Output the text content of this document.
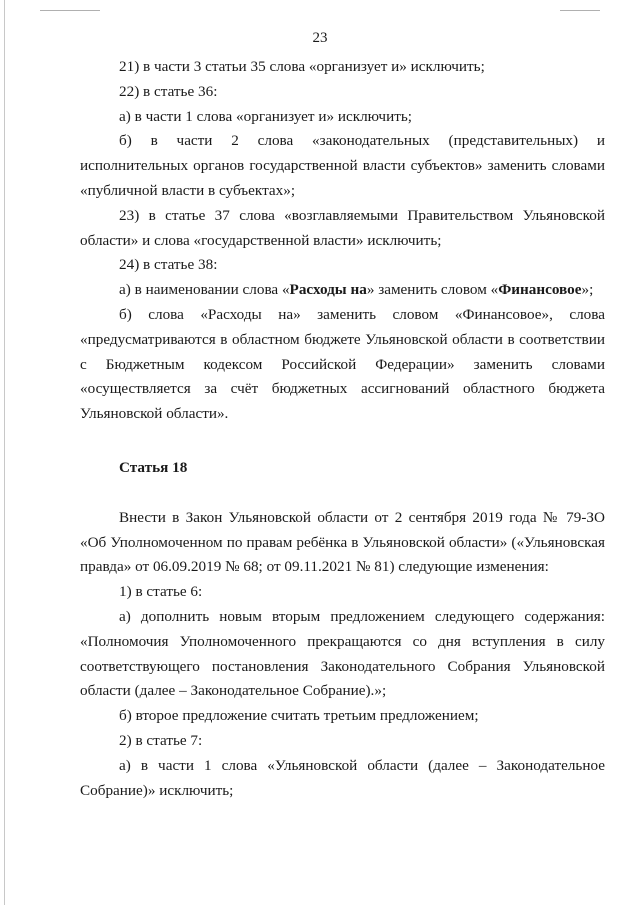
23

21) в части 3 статьи 35 слова «организует и» исключить;

22) в статье 36:

а) в части 1 слова «организует и» исключить;

б) в части 2 слова «законодательных (представительных) и исполнительных органов государственной власти субъектов» заменить словами «публичной власти в субъектах»;

23) в статье 37 слова «возглавляемыми Правительством Ульяновской области» и слова «государственной власти» исключить;

24) в статье 38:

а) в наименовании слова «Расходы на» заменить словом «Финансовое»;

б) слова «Расходы на» заменить словом «Финансовое», слова «предусматриваются в областном бюджете Ульяновской области в соответствии с Бюджетным кодексом Российской Федерации» заменить словами «осуществляется за счёт бюджетных ассигнований областного бюджета Ульяновской области».

Статья 18

Внести в Закон Ульяновской области от 2 сентября 2019 года № 79-ЗО «Об Уполномоченном по правам ребёнка в Ульяновской области» («Ульяновская правда» от 06.09.2019 № 68; от 09.11.2021 № 81) следующие изменения:

1) в статье 6:

а) дополнить новым вторым предложением следующего содержания: «Полномочия Уполномоченного прекращаются со дня вступления в силу соответствующего постановления Законодательного Собрания Ульяновской области (далее – Законодательное Собрание).»;

б) второе предложение считать третьим предложением;

2) в статье 7:

а) в части 1 слова «Ульяновской области (далее – Законодательное Собрание)» исключить;
